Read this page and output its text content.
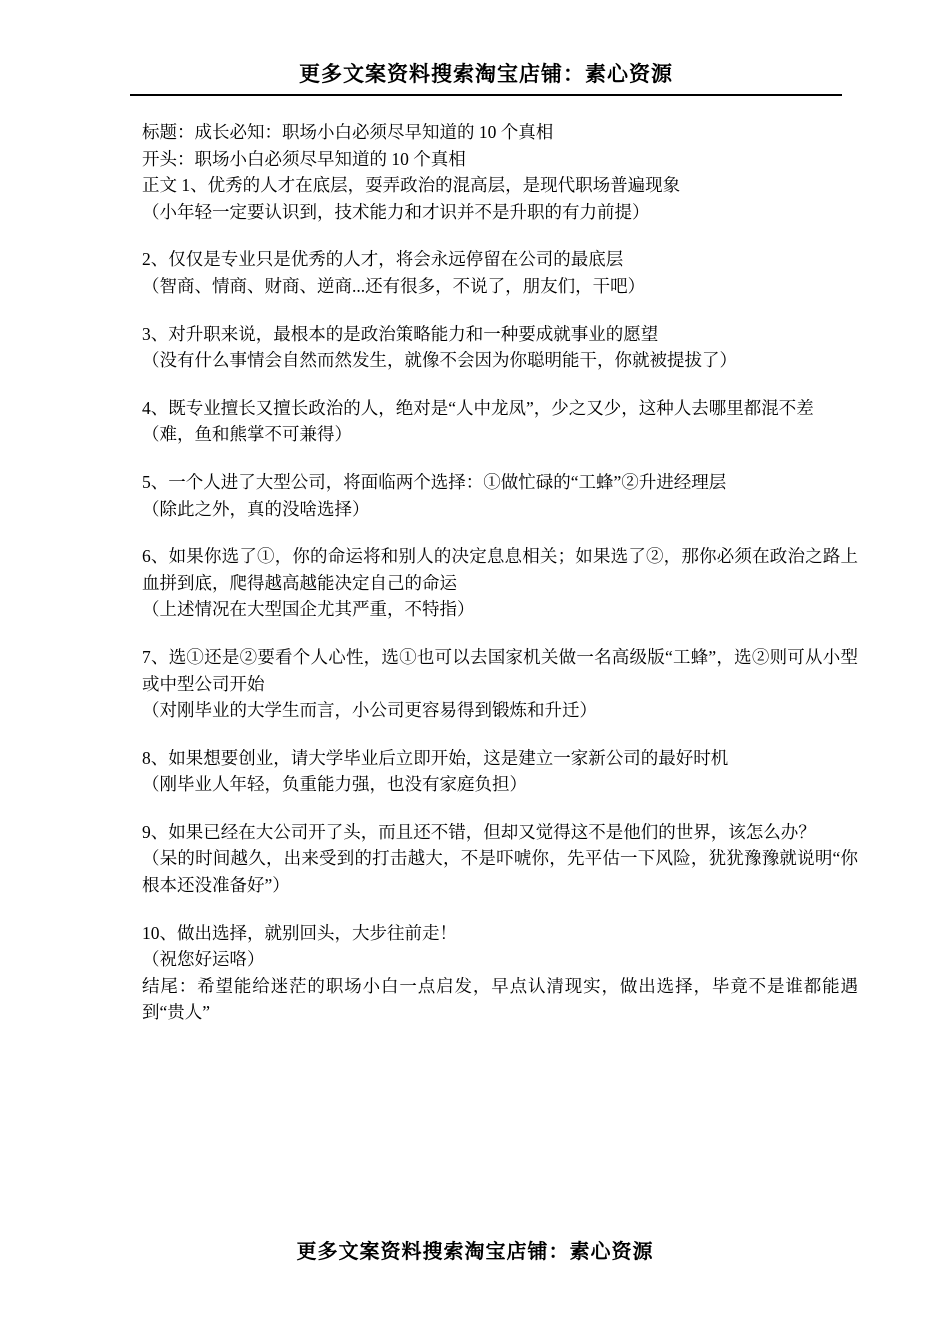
更多文案资料搜索淘宝店铺：素心资源

标题：成长必知：职场小白必须尽早知道的 10 个真相

开头：职场小白必须尽早知道的 10 个真相

正文 1、优秀的人才在底层，耍弄政治的混高层，是现代职场普遍现象

（小年轻一定要认识到，技术能力和才识并不是升职的有力前提）

2、仅仅是专业只是优秀的人才，将会永远停留在公司的最底层

（智商、情商、财商、逆商...还有很多，不说了，朋友们，干吧）

3、对升职来说，最根本的是政治策略能力和一种要成就事业的愿望

（没有什么事情会自然而然发生，就像不会因为你聪明能干，你就被提拔了）

4、既专业擅长又擅长政治的人，绝对是“人中龙凤”，少之又少，这种人去哪里都混不差

（难，鱼和熊掌不可兼得）

5、一个人进了大型公司，将面临两个选择：①做忙碌的“工蜂”②升进经理层

（除此之外，真的没啥选择）

6、如果你选了①，你的命运将和别人的决定息息相关；如果选了②，那你必须在政治之路上血拼到底，爬得越高越能决定自己的命运

（上述情况在大型国企尤其严重，不特指）

7、选①还是②要看个人心性，选①也可以去国家机关做一名高级版“工蜂”，选②则可从小型或中型公司开始

（对刚毕业的大学生而言，小公司更容易得到锻炼和升迁）

8、如果想要创业，请大学毕业后立即开始，这是建立一家新公司的最好时机

（刚毕业人年轻，负重能力强，也没有家庭负担）

9、如果已经在大公司开了头，而且还不错，但却又觉得这不是他们的世界，该怎么办？

（呆的时间越久，出来受到的打击越大，不是吓唬你，先平估一下风险，犹犹豫豫就说明“你根本还没准备好”）

10、做出选择，就别回头，大步往前走！

（祝您好运咯）

结尾：希望能给迷茫的职场小白一点启发，早点认清现实，做出选择，毕竟不是谁都能遇到“贵人”

更多文案资料搜索淘宝店铺：素心资源
